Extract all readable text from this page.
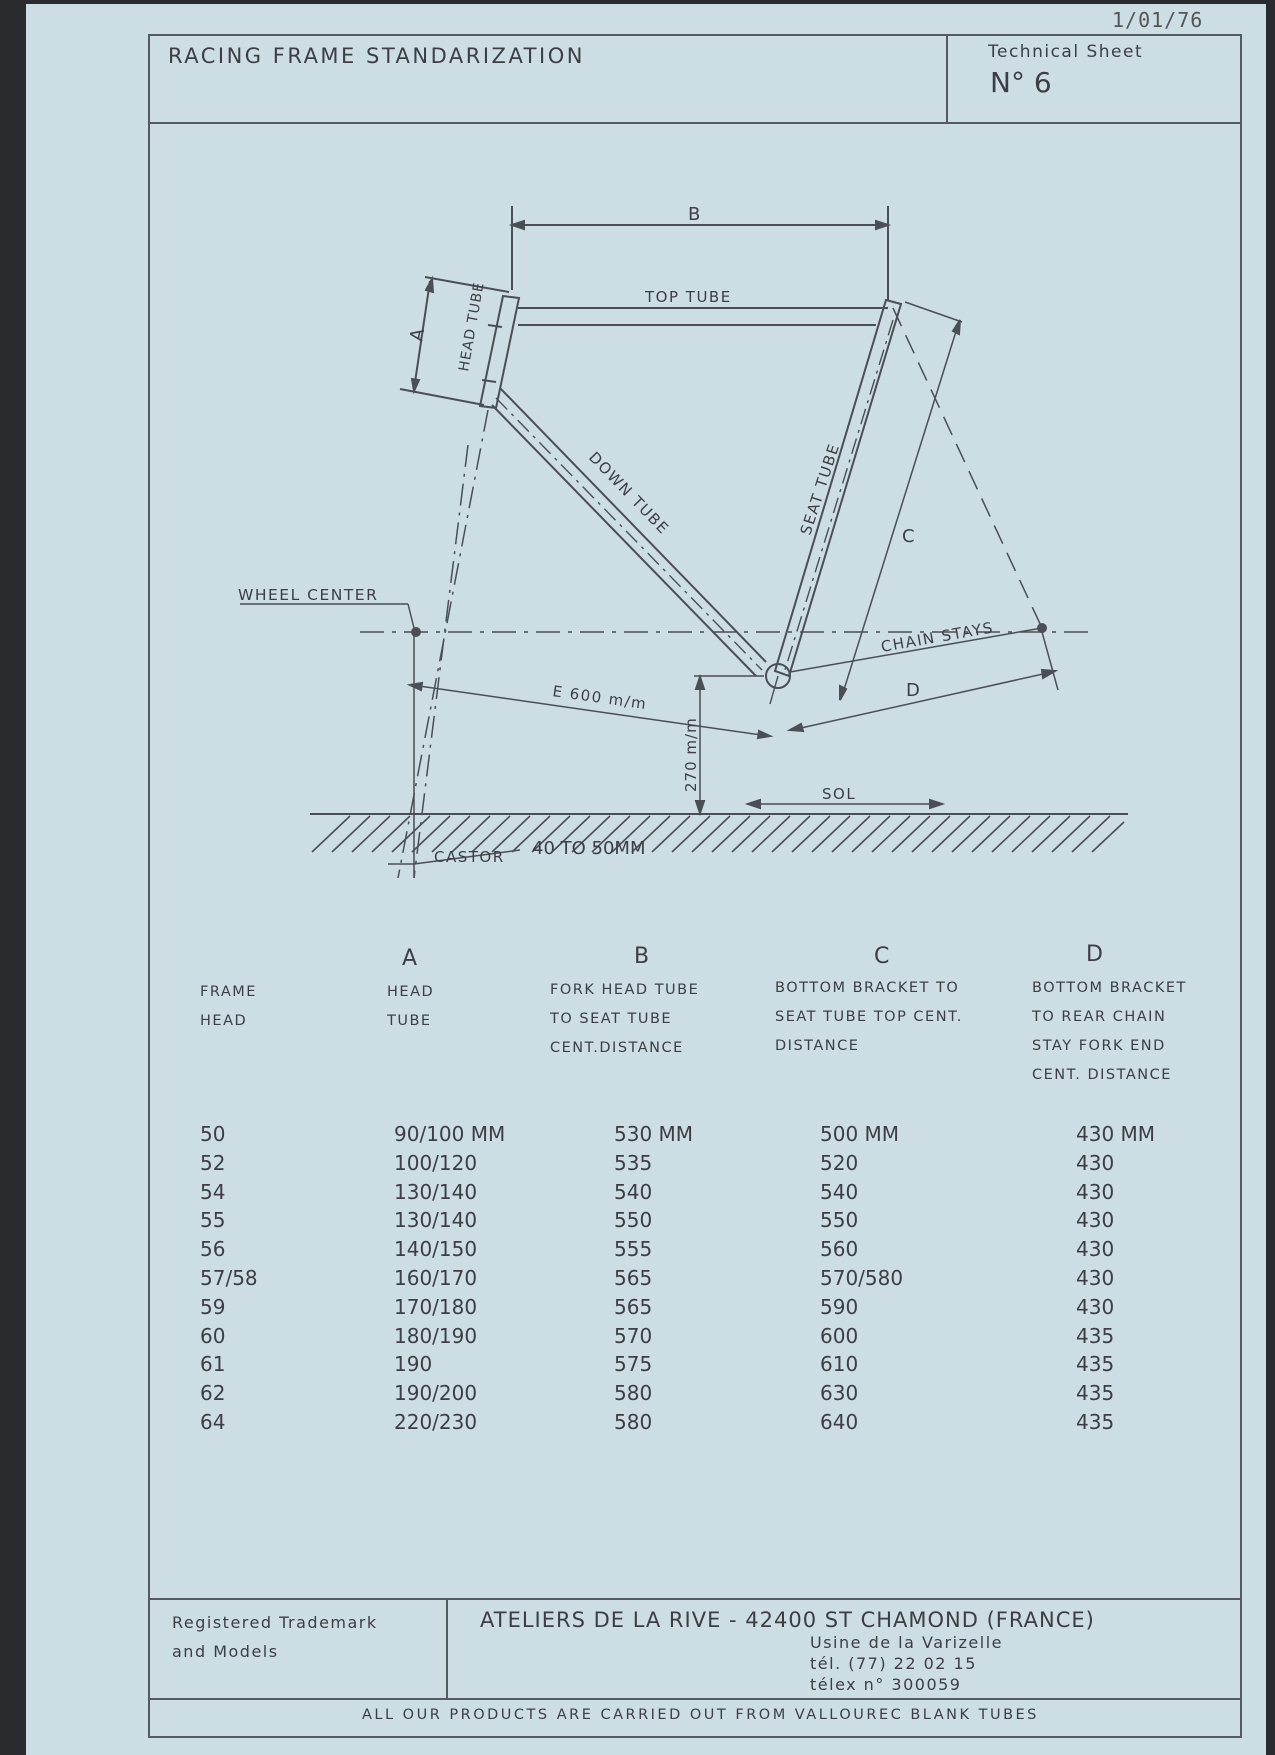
1/01/76
RACING FRAME STANDARIZATION	Technical Sheet
N° 6
B
TOP TUBE
A HEAD TUBE
DOWN TUBE	SEAT TUBE	C
WHEEL CENTER
CHAIN STAYS
D
E 600 m/m
270 m/m
SOL
CASTOR 40 TO 50MM
A	B	C	D
FRAME
HEAD
HEAD
TUBE
FORK HEAD TUBE
TO SEAT TUBE
CENT.DISTANCE
BOTTOM BRACKET TO
SEAT TUBE TOP CENT.
DISTANCE
BOTTOM BRACKET
TO REAR CHAIN
STAY FORK END
CENT. DISTANCE
50	90/100 MM	530 MM	500 MM	430 MM
52	100/120	535	520	430
54	130/140	540	540	430
55	130/140	550	550	430
56	140/150	555	560	430
57/58	160/170	565	570/580	430
59	170/180	565	590	430
60	180/190	570	600	435
61	190	575	610	435
62	190/200	580	630	435
64	220/230	580	640	435
Registered Trademark
and Models
ATELIERS DE LA RIVE - 42400 ST CHAMOND (FRANCE)
Usine de la Varizelle
tél. (77) 22 02 15
télex n° 300059
ALL OUR PRODUCTS ARE CARRIED OUT FROM VALLOUREC BLANK TUBES
